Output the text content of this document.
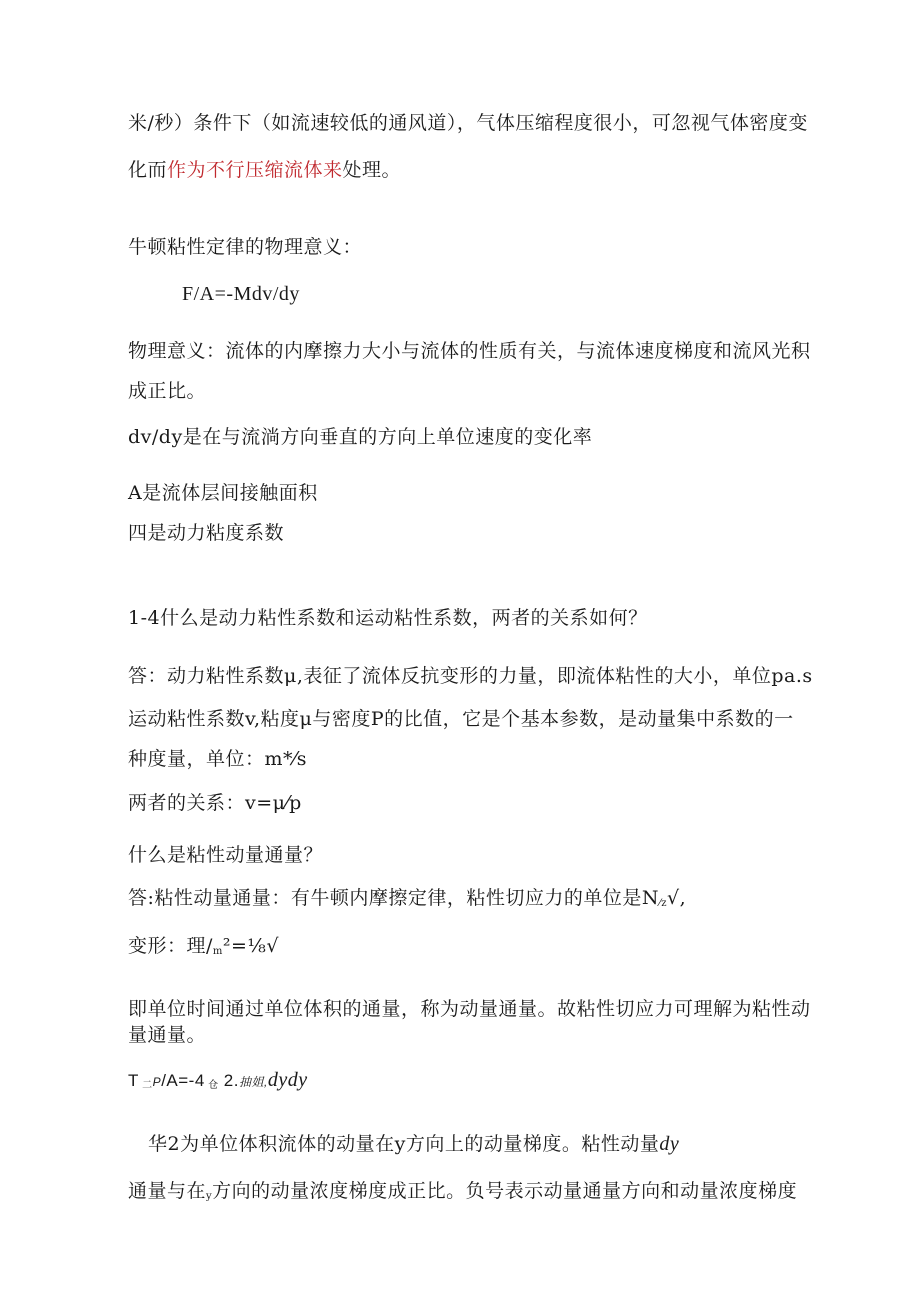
米/秒）条件下（如流速较低的通风道），气体压缩程度很小，可忽视气体密度变
化而作为不行压缩流体来处理。
牛顿粘性定律的物理意义：
F/A=-Mdv/dy
物理意义：流体的内摩擦力大小与流体的性质有关，与流体速度梯度和流风光积
成正比。
dv/dy是在与流淌方向垂直的方向上单位速度的变化率
A是流体层间接触面积
四是动力粘度系数
1-4什么是动力粘性系数和运动粘性系数，两者的关系如何？
答：动力粘性系数μ,表征了流体反抗变形的力量，即流体粘性的大小，单位pa.s
运动粘性系数v,粘度μ与密度P的比值，它是个基本参数，是动量集中系数的一
种度量，单位：m*⁄s
两者的关系：v=μ⁄p
什么是粘性动量通量？
答:粘性动量通量：有牛顿内摩擦定律，粘性切应力的单位是N⁄z√,
变形：理/m²=⅛√
即单位时间通过单位体积的通量，称为动量通量。故粘性切应力可理解为粘性动
量通量。
T 二P/A=-4 仓 2.抽姐,dydy
华2为单位体积流体的动量在y方向上的动量梯度。粘性动量dy
通量与在y方向的动量浓度梯度成正比。负号表示动量通量方向和动量浓度梯度
